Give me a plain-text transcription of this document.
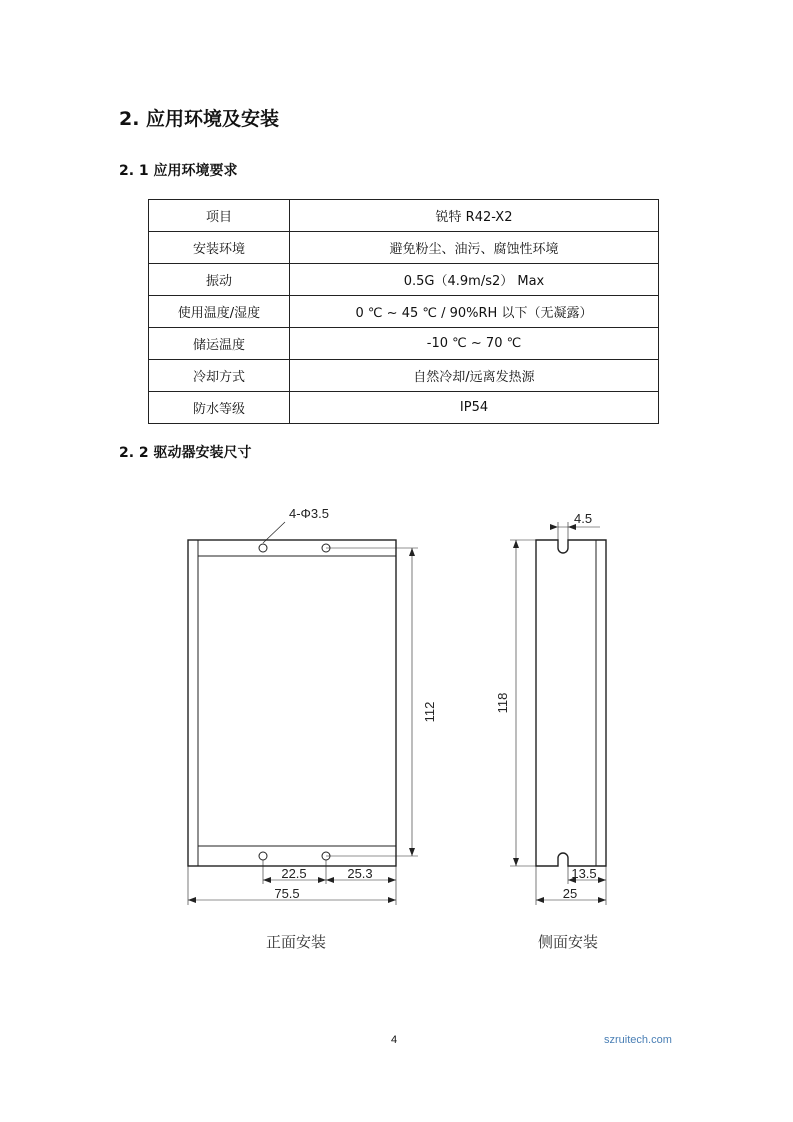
2. 应用环境及安装
2. 1 应用环境要求
项目	锐特 R42-X2
安装环境	避免粉尘、油污、腐蚀性环境
振动	0.5G（4.9m/s2） Max
使用温度/湿度	0 ℃ ~ 45 ℃ / 90%RH 以下（无凝露）
储运温度	-10 ℃ ~ 70 ℃
冷却方式	自然冷却/远离发热源
防水等级	IP54
2. 2 驱动器安装尺寸
4-Φ3.5	4.5
112	118
22.5	25.3
75.5
13.5
25
正面安装	侧面安装
4	szruitech.com
